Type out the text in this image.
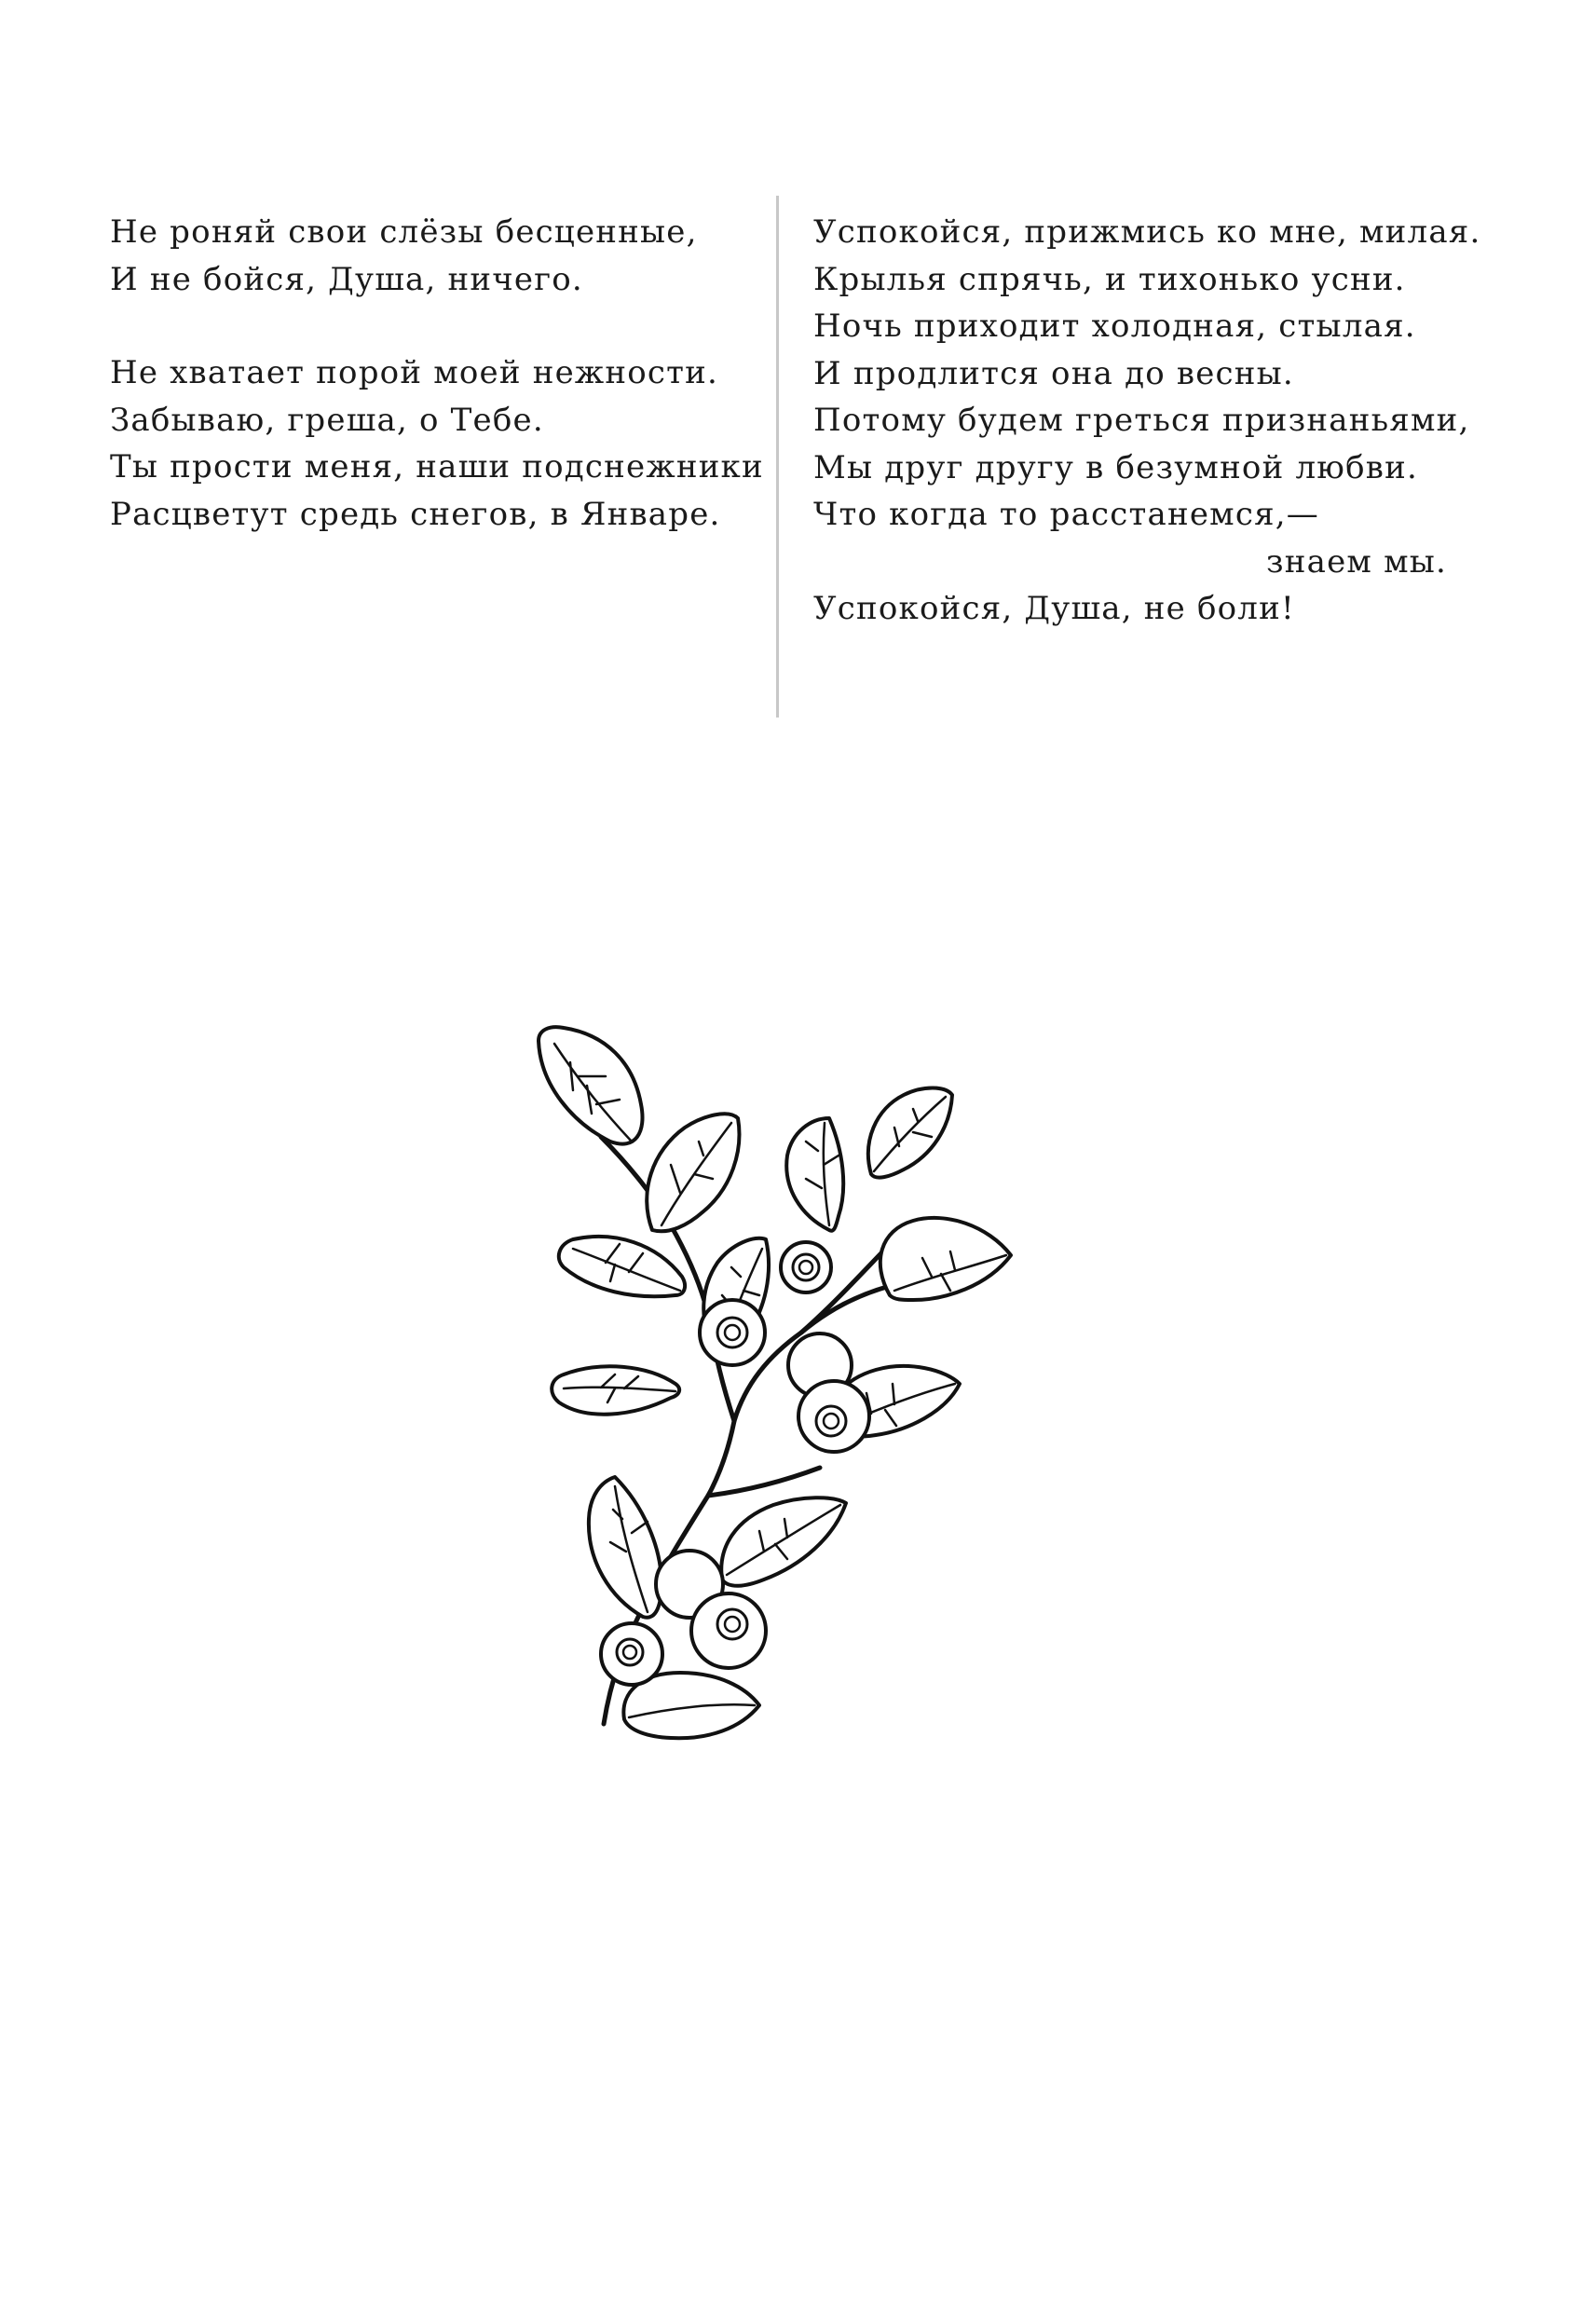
Не роняй свои слёзы бесценные,
И не бойся, Душа, ничего.
Не хватает порой моей нежности.
Забываю, греша, о Тебе.
Ты прости меня, наши подснежники
Расцветут средь снегов, в Январе.
Успокойся, прижмись ко мне, милая.
Крылья спрячь, и тихонько усни.
Ночь приходит холодная, стылая.
И продлится она до весны.
Потому будем греться признаньями,
Мы друг другу в безумной любви.
Что когда то расстанемся,—
знаем мы.
Успокойся, Душа, не боли!
